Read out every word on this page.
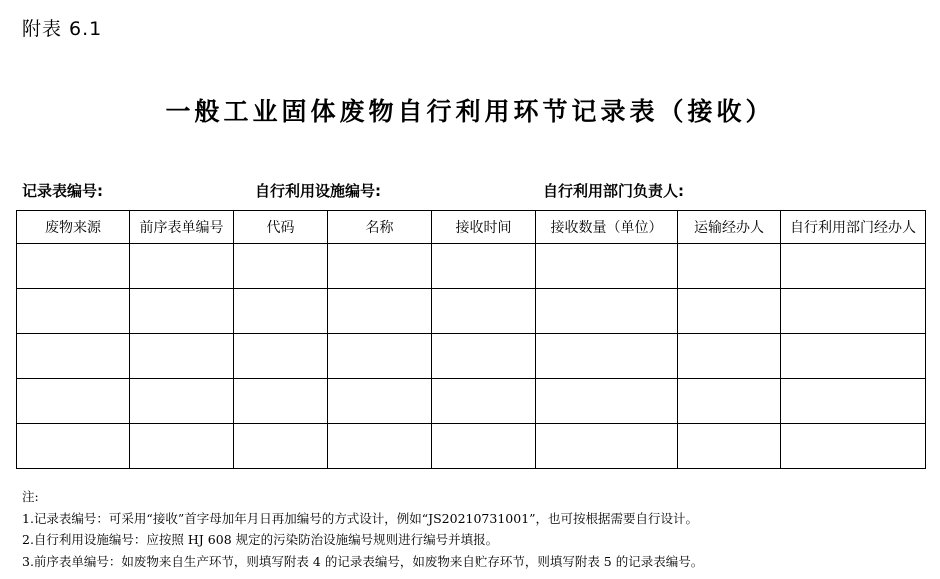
附表 6.1
一般工业固体废物自行利用环节记录表（接收）
记录表编号:	自行利用设施编号:	自行利用部门负责人:
废物来源	前序表单编号	代码	名称	接收时间	接收数量（单位）	运输经办人	自行利用部门经办人

注:
1.记录表编号：可采用“接收”首字母加年月日再加编号的方式设计，例如“JS20210731001”，也可按根据需要自行设计。
2.自行利用设施编号：应按照 HJ 608 规定的污染防治设施编号规则进行编号并填报。
3.前序表单编号：如废物来自生产环节，则填写附表 4 的记录表编号，如废物来自贮存环节，则填写附表 5 的记录表编号。
